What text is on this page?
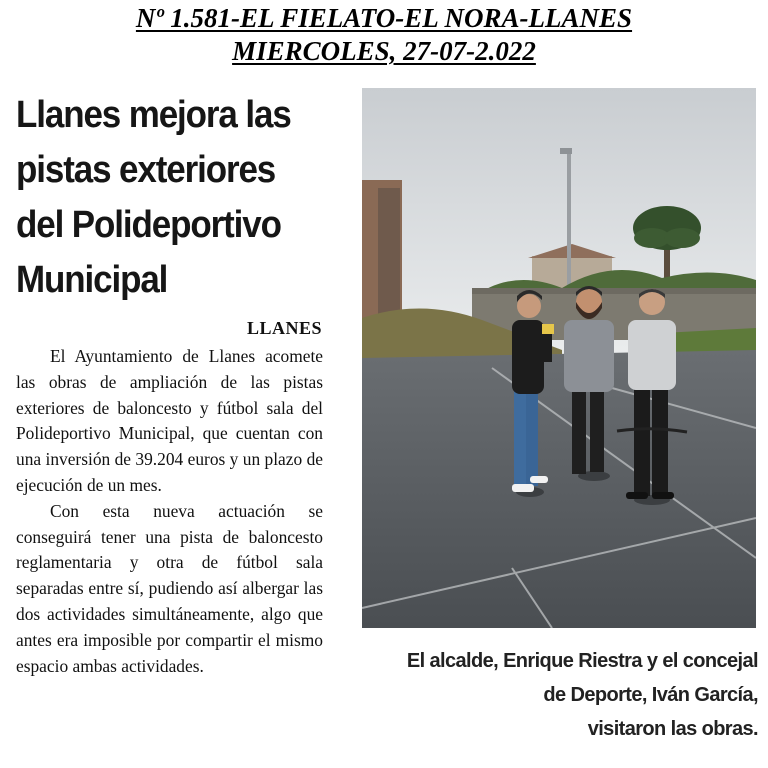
Nº 1.581-EL FIELATO-EL NORA-LLANES
MIERCOLES, 27-07-2.022
Llanes mejora las
pistas exteriores
del Polideportivo
Municipal
LLANES

El Ayuntamiento de Llanes acomete las obras de ampliación de las pistas exteriores de baloncesto y fútbol sala del Polideportivo Municipal, que cuentan con una inversión de 39.204 euros y un plazo de ejecución de un mes.

Con esta nueva actuación se conseguirá tener una pista de baloncesto reglamentaria y otra de fútbol sala separadas entre sí, pudiendo así albergar las dos actividades simultáneamente, algo que antes era imposible por compartir el mismo espacio ambas actividades.	El alcalde, Enrique Riestra y el concejal
de Deporte, Iván García,
visitaron las obras.
